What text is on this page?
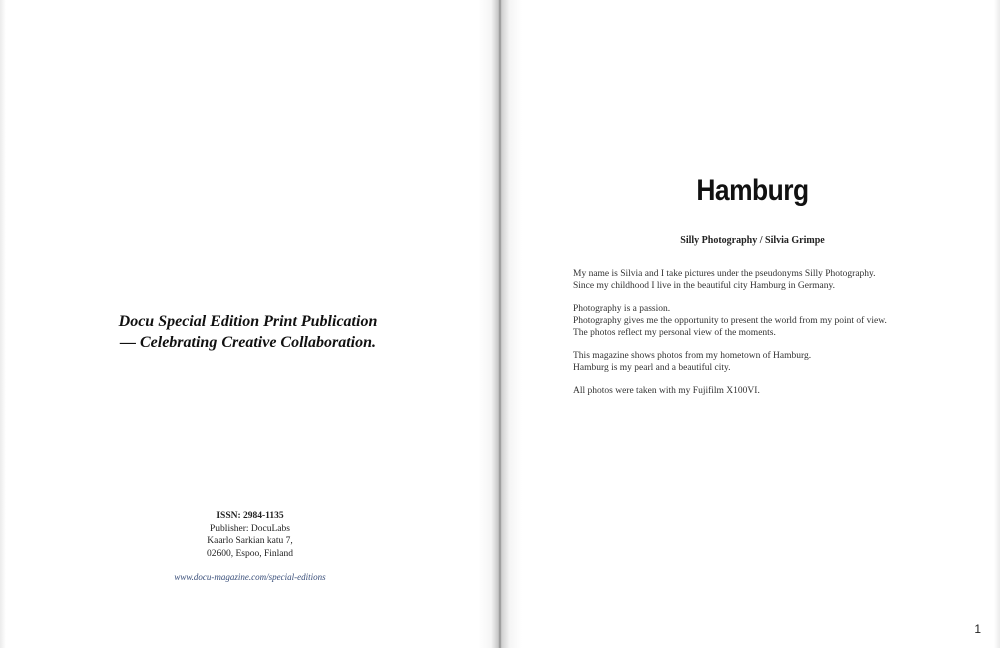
Docu Special Edition Print Publication
— Celebrating Creative Collaboration.
ISSN: 2984-1135
Publisher: DocuLabs
Kaarlo Sarkian katu 7,
02600, Espoo, Finland
www.docu-magazine.com/special-editions
Hamburg
Silly Photography / Silvia Grimpe

My name is Silvia and I take pictures under the pseudonyms Silly Photography.
Since my childhood I live in the beautiful city Hamburg in Germany.

Photography is a passion.
Photography gives me the opportunity to present the world from my point of view.
The photos reflect my personal view of the moments.

This magazine shows photos from my hometown of Hamburg.
Hamburg is my pearl and a beautiful city.

All photos were taken with my Fujifilm X100VI.

1
